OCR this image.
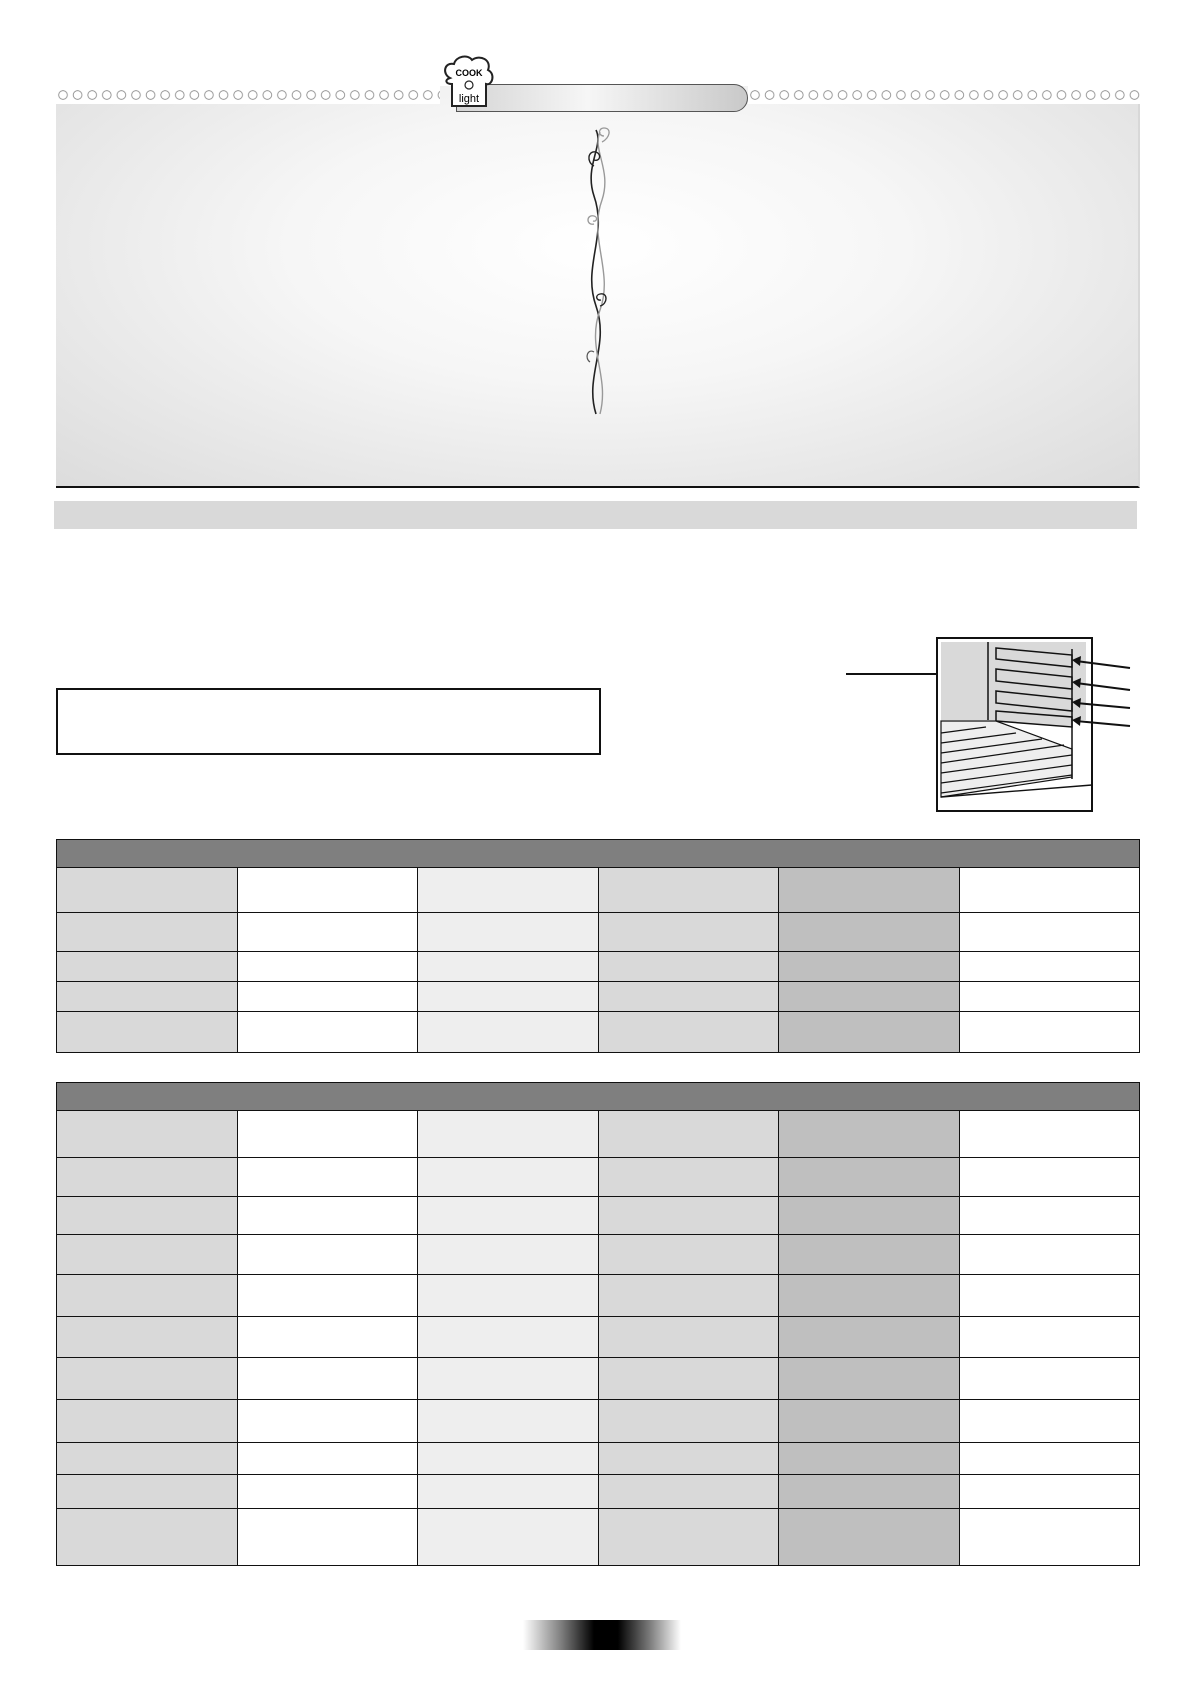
COOK
light
